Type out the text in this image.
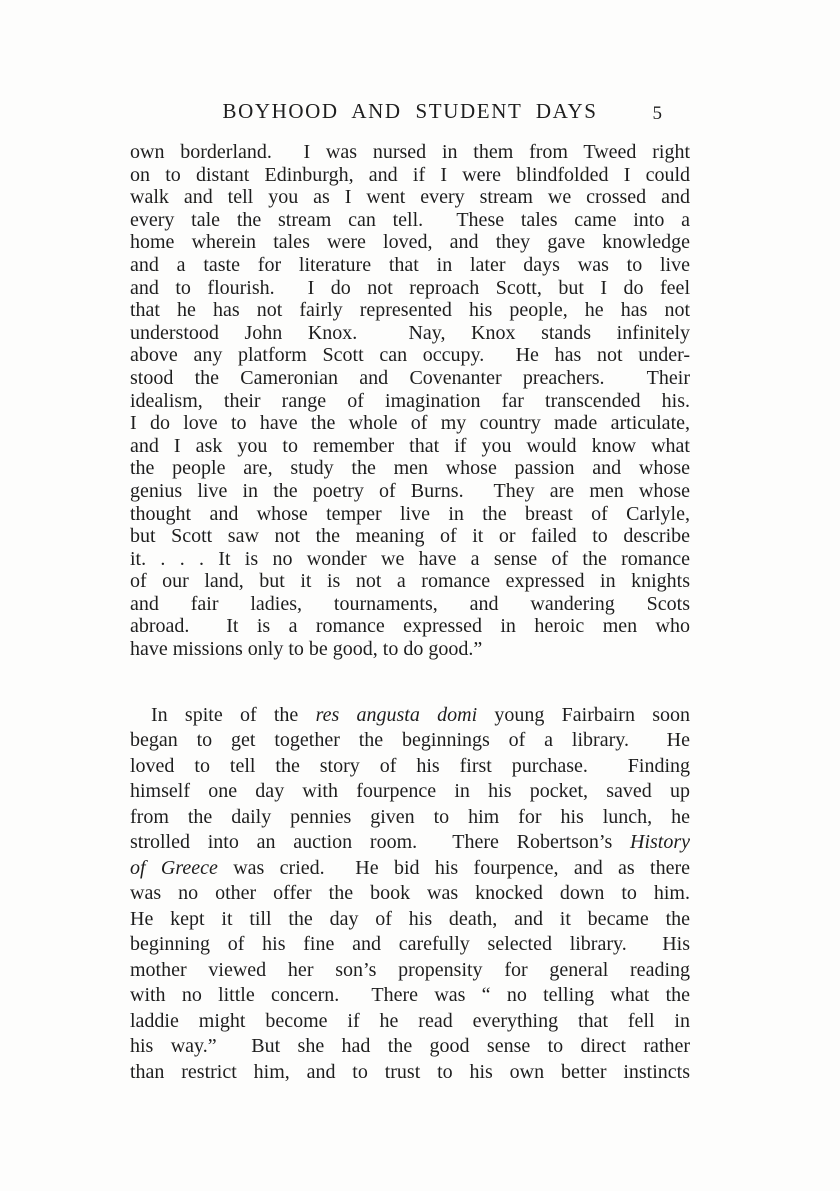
BOYHOOD AND STUDENT DAYS	5
own borderland.  I was nursed in them from Tweed right
on to distant Edinburgh, and if I were blindfolded I could
walk and tell you as I went every stream we crossed and
every tale the stream can tell.  These tales came into a
home wherein tales were loved, and they gave knowledge
and a taste for literature that in later days was to live
and to flourish.  I do not reproach Scott, but I do feel
that he has not fairly represented his people, he has not
understood John Knox.  Nay, Knox stands infinitely
above any platform Scott can occupy.  He has not under-
stood the Cameronian and Covenanter preachers.  Their
idealism, their range of imagination far transcended his.
I do love to have the whole of my country made articulate,
and I ask you to remember that if you would know what
the people are, study the men whose passion and whose
genius live in the poetry of Burns.  They are men whose
thought and whose temper live in the breast of Carlyle,
but Scott saw not the meaning of it or failed to describe
it. . . . It is no wonder we have a sense of the romance
of our land, but it is not a romance expressed in knights
and fair ladies, tournaments, and wandering Scots
abroad.  It is a romance expressed in heroic men who
have missions only to be good, to do good.”
In spite of the res angusta domi young Fairbairn soon
began to get together the beginnings of a library.  He
loved to tell the story of his first purchase.  Finding
himself one day with fourpence in his pocket, saved up
from the daily pennies given to him for his lunch, he
strolled into an auction room.  There Robertson’s History
of Greece was cried.  He bid his fourpence, and as there
was no other offer the book was knocked down to him.
He kept it till the day of his death, and it became the
beginning of his fine and carefully selected library.  His
mother viewed her son’s propensity for general reading
with no little concern.  There was “ no telling what the
laddie might become if he read everything that fell in
his way.”  But she had the good sense to direct rather
than restrict him, and to trust to his own better instincts
